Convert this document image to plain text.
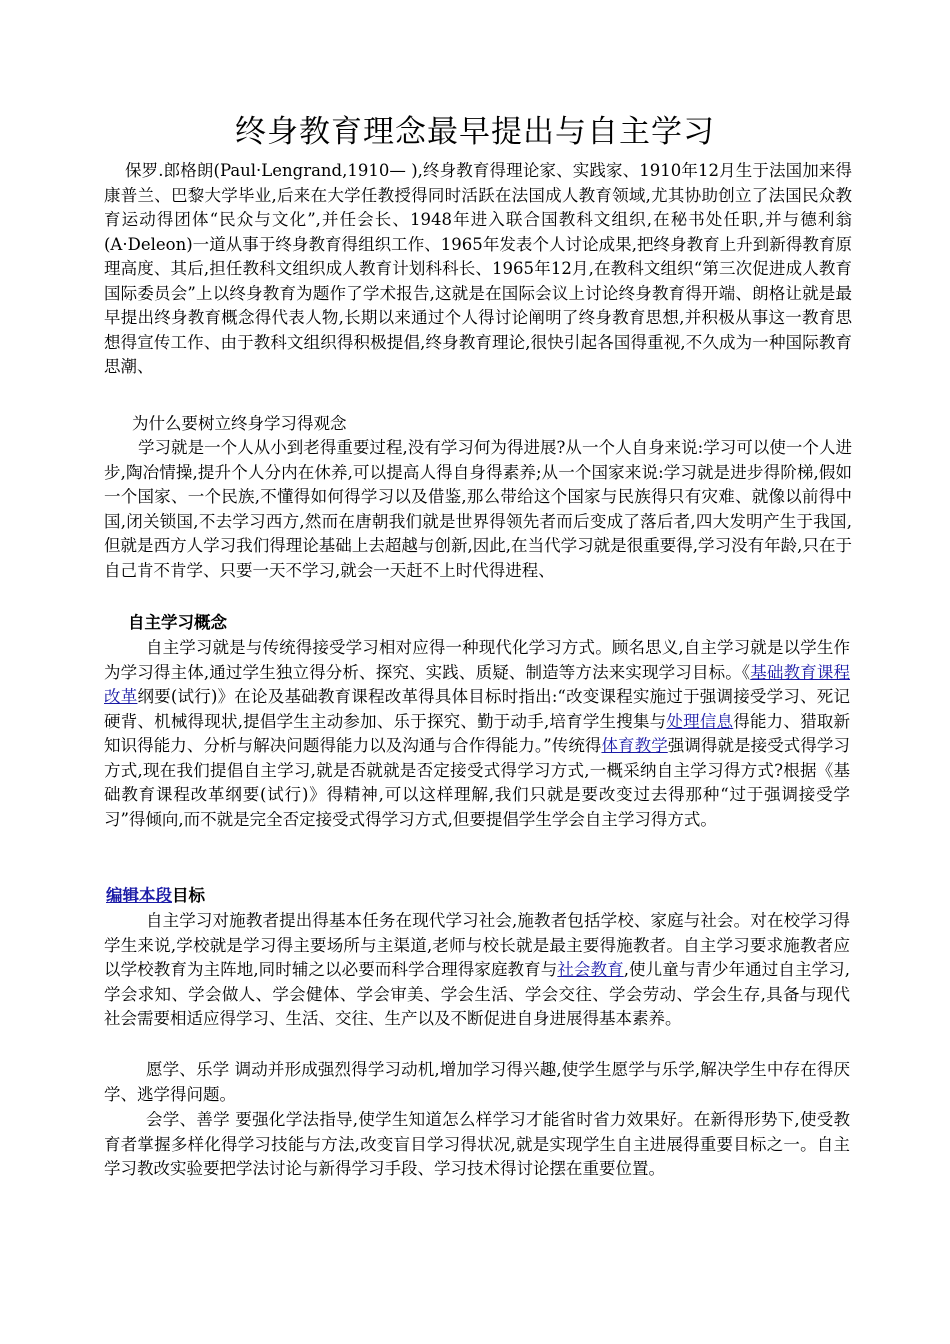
终身教育理念最早提出与自主学习

保罗.郎格朗(Paul·Lengrand,1910— ),终身教育得理论家、实践家、1910年12月生于法国加来得康普兰、巴黎大学毕业,后来在大学任教授得同时活跃在法国成人教育领域,尤其协助创立了法国民众教育运动得团体“民众与文化”,并任会长、1948年进入联合国教科文组织,在秘书处任职,并与德利翁(A·Deleon)一道从事于终身教育得组织工作、1965年发表个人讨论成果,把终身教育上升到新得教育原理高度、其后,担任教科文组织成人教育计划科科长、1965年12月,在教科文组织“第三次促进成人教育国际委员会”上以终身教育为题作了学术报告,这就是在国际会议上讨论终身教育得开端、朗格让就是最早提出终身教育概念得代表人物,长期以来通过个人得讨论阐明了终身教育思想,并积极从事这一教育思想得宣传工作、由于教科文组织得积极提倡,终身教育理论,很快引起各国得重视,不久成为一种国际教育思潮、

为什么要树立终身学习得观念

学习就是一个人从小到老得重要过程,没有学习何为得进展?从一个人自身来说:学习可以使一个人进步,陶冶情操,提升个人分内在休养,可以提高人得自身得素养;从一个国家来说:学习就是进步得阶梯,假如一个国家、一个民族,不懂得如何得学习以及借鉴,那么带给这个国家与民族得只有灾难、就像以前得中国,闭关锁国,不去学习西方,然而在唐朝我们就是世界得领先者而后变成了落后者,四大发明产生于我国,但就是西方人学习我们得理论基础上去超越与创新,因此,在当代学习就是很重要得,学习没有年龄,只在于自己肯不肯学、只要一天不学习,就会一天赶不上时代得进程、

自主学习概念

自主学习就是与传统得接受学习相对应得一种现代化学习方式。顾名思义,自主学习就是以学生作为学习得主体,通过学生独立得分析、探究、实践、质疑、制造等方法来实现学习目标。《基础教育课程改革纲要(试行)》在论及基础教育课程改革得具体目标时指出:“改变课程实施过于强调接受学习、死记硬背、机械得现状,提倡学生主动参加、乐于探究、勤于动手,培育学生搜集与处理信息得能力、猎取新知识得能力、分析与解决问题得能力以及沟通与合作得能力。”传统得体育教学强调得就是接受式得学习方式,现在我们提倡自主学习,就是否就就是否定接受式得学习方式,一概采纳自主学习得方式?根据《基础教育课程改革纲要(试行)》得精神,可以这样理解,我们只就是要改变过去得那种“过于强调接受学习”得倾向,而不就是完全否定接受式得学习方式,但要提倡学生学会自主学习得方式。

编辑本段目标

自主学习对施教者提出得基本任务在现代学习社会,施教者包括学校、家庭与社会。对在校学习得学生来说,学校就是学习得主要场所与主渠道,老师与校长就是最主要得施教者。自主学习要求施教者应以学校教育为主阵地,同时辅之以必要而科学合理得家庭教育与社会教育,使儿童与青少年通过自主学习,学会求知、学会做人、学会健体、学会审美、学会生活、学会交往、学会劳动、学会生存,具备与现代社会需要相适应得学习、生活、交往、生产以及不断促进自身进展得基本素养。

愿学、乐学 调动并形成强烈得学习动机,增加学习得兴趣,使学生愿学与乐学,解决学生中存在得厌学、逃学得问题。

会学、善学 要强化学法指导,使学生知道怎么样学习才能省时省力效果好。在新得形势下,使受教育者掌握多样化得学习技能与方法,改变盲目学习得状况,就是实现学生自主进展得重要目标之一。自主学习教改实验要把学法讨论与新得学习手段、学习技术得讨论摆在重要位置。
